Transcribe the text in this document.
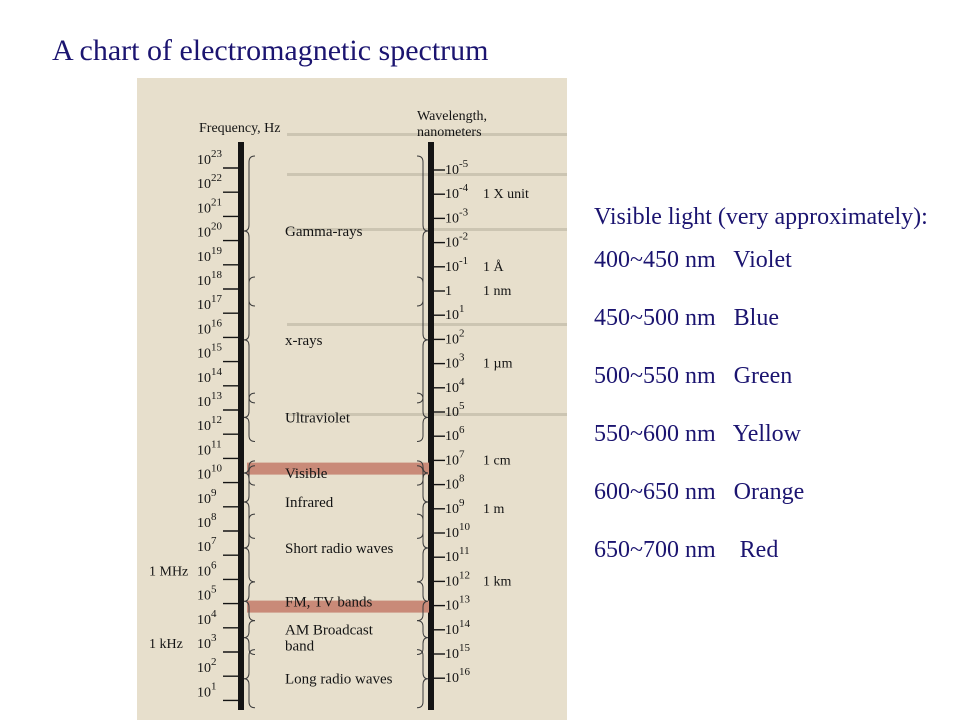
A chart of electromagnetic spectrum
Frequency, Hz
Wavelength,
nanometers
$10^{23}$
$10^{22}$
$10^{21}$
$10^{20}$
$10^{19}$
$10^{18}$
$10^{17}$
$10^{16}$
$10^{15}$
$10^{14}$
$10^{13}$
$10^{12}$
$10^{11}$
$10^{10}$
$10^9$
$10^8$
$10^7$
$10^6$
$10^5$
$10^4$
$10^3$
$10^2$
$10^1$
1 MHz
1 kHz
$10^{-5}$
$10^{-4}$
$10^{-3}$
$10^{-2}$
$10^{-1}$
1
$10^1$
$10^2$
$10^3$
$10^4$
$10^5$
$10^6$
$10^7$
$10^8$
$10^9$
$10^{10}$
$10^{11}$
$10^{12}$
$10^{13}$
$10^{14}$
$10^{15}$
$10^{16}$
1 X unit
1 Å
1 nm
1 µm
1 cm
1 m
1 km
Gamma-rays
x-rays
Ultraviolet
Visible
Infrared
Short radio waves
FM, TV bands
AM Broadcast
band
Long radio waves
Visible light (very approximately):
400~450 nm   Violet
450~500 nm   Blue
500~550 nm   Green
550~600 nm   Yellow
600~650 nm   Orange
650~700 nm    Red
